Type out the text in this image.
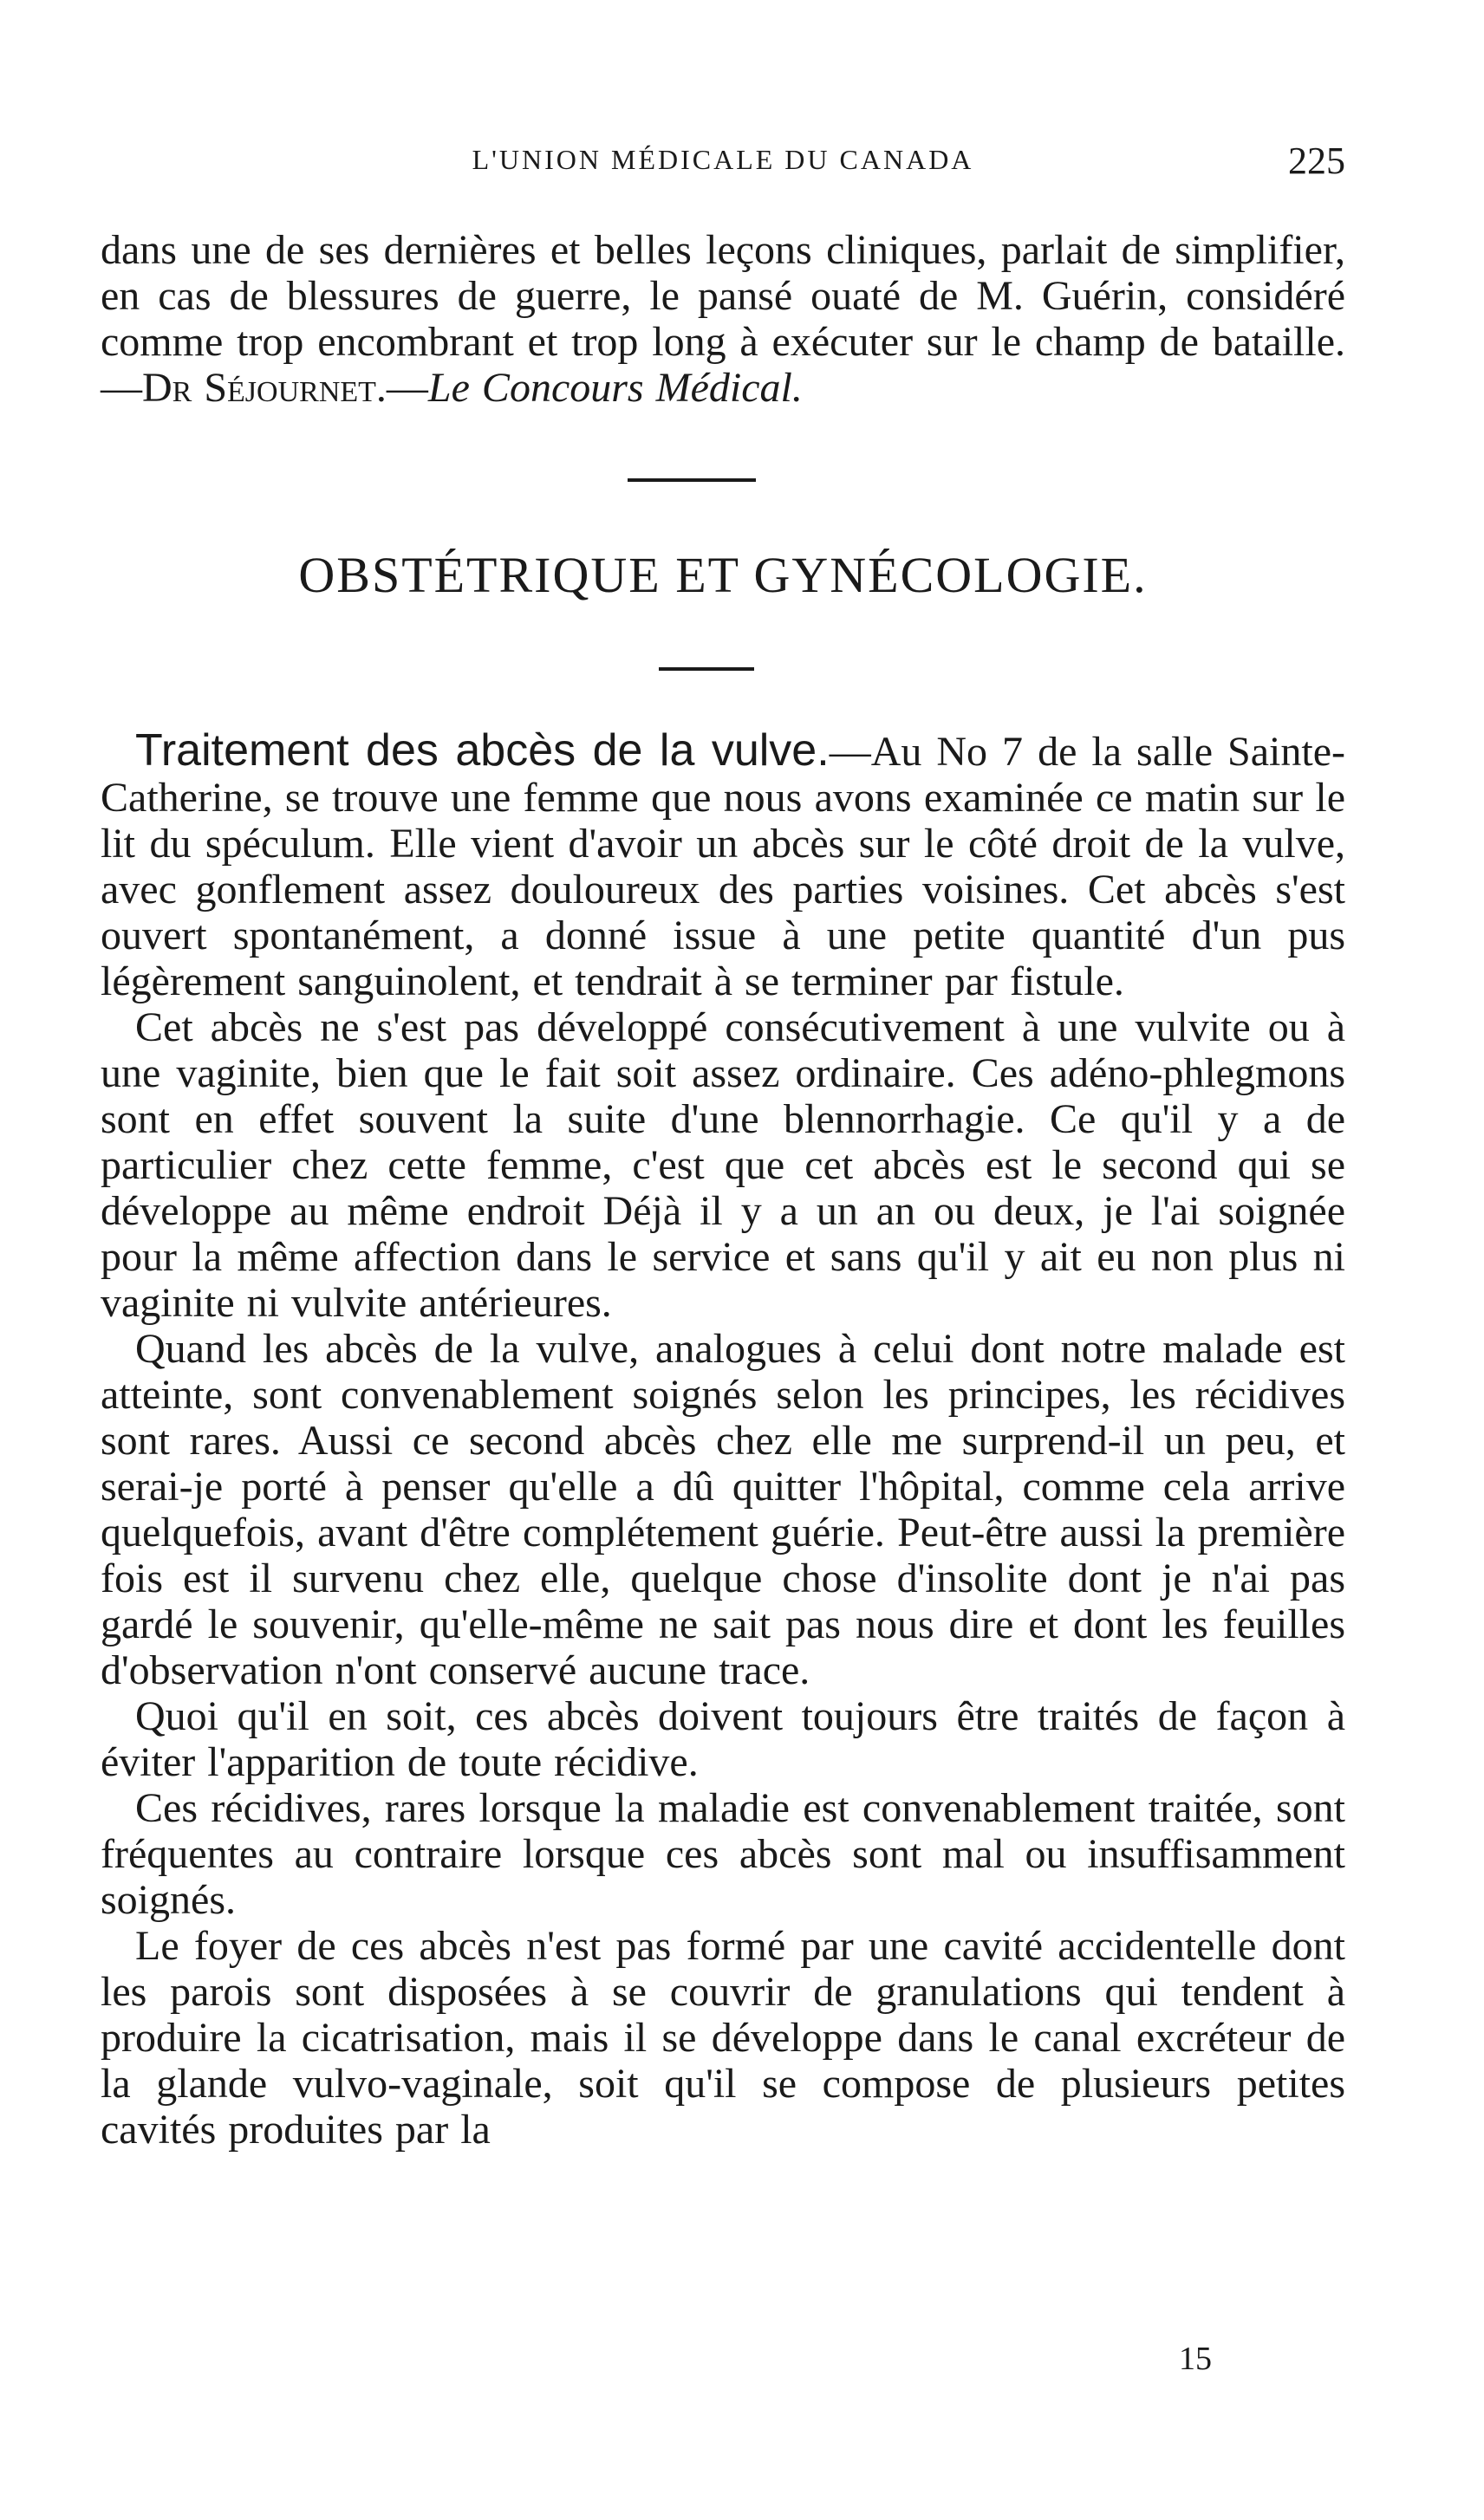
L'UNION MÉDICALE DU CANADA	225

dans une de ses dernières et belles leçons cliniques, parlait de simplifier, en cas de blessures de guerre, le pansé ouaté de M. Guérin, considéré comme trop encombrant et trop long à exécuter sur le champ de bataille.—Dr Séjournet.—Le Concours Médical.

OBSTÉTRIQUE ET GYNÉCOLOGIE.

Traitement des abcès de la vulve.—Au No 7 de la salle Sainte-Catherine, se trouve une femme que nous avons examinée ce matin sur le lit du spéculum. Elle vient d'avoir un abcès sur le côté droit de la vulve, avec gonflement assez douloureux des parties voisines. Cet abcès s'est ouvert spontanément, a donné issue à une petite quantité d'un pus légèrement sanguinolent, et tendrait à se terminer par fistule.

Cet abcès ne s'est pas développé consécutivement à une vulvite ou à une vaginite, bien que le fait soit assez ordinaire. Ces adéno-phlegmons sont en effet souvent la suite d'une blennorrhagie. Ce qu'il y a de particulier chez cette femme, c'est que cet abcès est le second qui se développe au même endroit Déjà il y a un an ou deux, je l'ai soignée pour la même affection dans le service et sans qu'il y ait eu non plus ni vaginite ni vulvite antérieures.

Quand les abcès de la vulve, analogues à celui dont notre malade est atteinte, sont convenablement soignés selon les principes, les récidives sont rares. Aussi ce second abcès chez elle me surprend-il un peu, et serai-je porté à penser qu'elle a dû quitter l'hôpital, comme cela arrive quelquefois, avant d'être complétement guérie. Peut-être aussi la première fois est il survenu chez elle, quelque chose d'insolite dont je n'ai pas gardé le souvenir, qu'elle-même ne sait pas nous dire et dont les feuilles d'observation n'ont conservé aucune trace.

Quoi qu'il en soit, ces abcès doivent toujours être traités de façon à éviter l'apparition de toute récidive.

Ces récidives, rares lorsque la maladie est convenablement traitée, sont fréquentes au contraire lorsque ces abcès sont mal ou insuffisamment soignés.

Le foyer de ces abcès n'est pas formé par une cavité accidentelle dont les parois sont disposées à se couvrir de granulations qui tendent à produire la cicatrisation, mais il se développe dans le canal excréteur de la glande vulvo-vaginale, soit qu'il se compose de plusieurs petites cavités produites par la

15
